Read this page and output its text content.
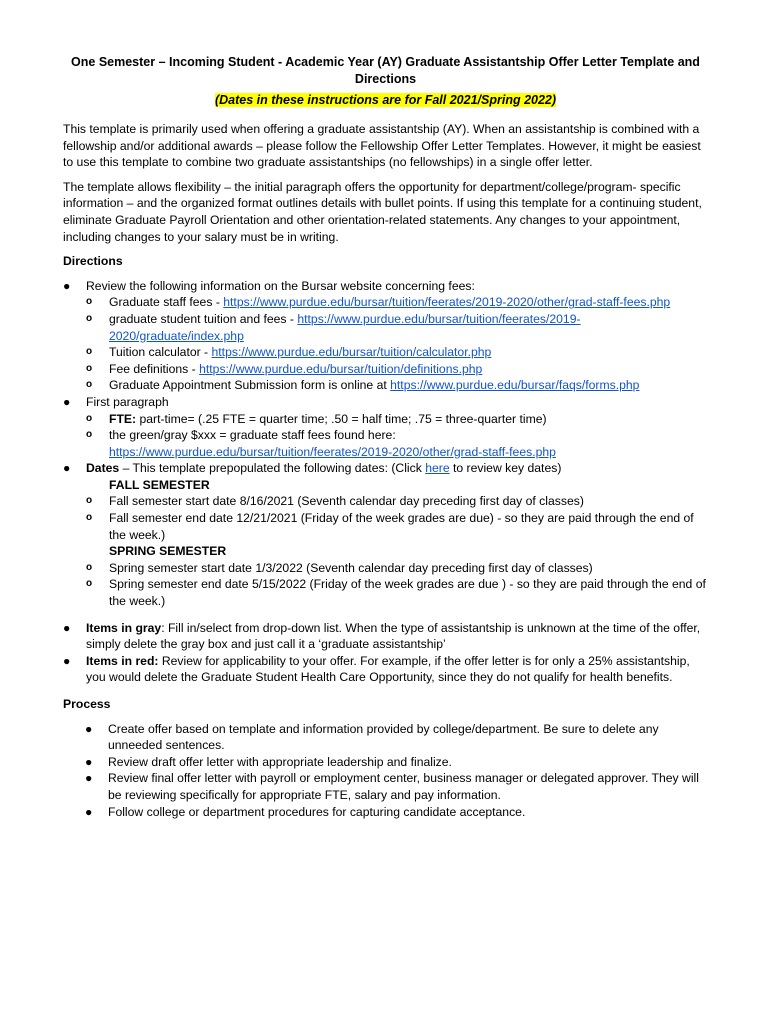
One Semester – Incoming Student - Academic Year (AY) Graduate Assistantship Offer Letter Template and Directions

(Dates in these instructions are for Fall 2021/Spring 2022)

This template is primarily used when offering a graduate assistantship (AY). When an assistantship is combined with a fellowship and/or additional awards – please follow the Fellowship Offer Letter Templates. However, it might be easiest to use this template to combine two graduate assistantships (no fellowships) in a single offer letter.

The template allows flexibility – the initial paragraph offers the opportunity for department/college/program- specific information – and the organized format outlines details with bullet points. If using this template for a continuing student, eliminate Graduate Payroll Orientation and other orientation-related statements. Any changes to your appointment, including changes to your salary must be in writing.

Directions

● Review the following information on the Bursar website concerning fees:
o Graduate staff fees - https://www.purdue.edu/bursar/tuition/feerates/2019-2020/other/grad-staff-fees.php
o graduate student tuition and fees - https://www.purdue.edu/bursar/tuition/feerates/2019-2020/graduate/index.php
o Tuition calculator - https://www.purdue.edu/bursar/tuition/calculator.php
o Fee definitions - https://www.purdue.edu/bursar/tuition/definitions.php
o Graduate Appointment Submission form is online at https://www.purdue.edu/bursar/faqs/forms.php
● First paragraph
o FTE: part-time= (.25 FTE = quarter time; .50 = half time; .75 = three-quarter time)
o the green/gray $xxx = graduate staff fees found here:
https://www.purdue.edu/bursar/tuition/feerates/2019-2020/other/grad-staff-fees.php
● Dates – This template prepopulated the following dates: (Click here to review key dates)
FALL SEMESTER
o Fall semester start date 8/16/2021 (Seventh calendar day preceding first day of classes)
o Fall semester end date 12/21/2021 (Friday of the week grades are due) - so they are paid through the end of the week.)
SPRING SEMESTER
o Spring semester start date 1/3/2022 (Seventh calendar day preceding first day of classes)
o Spring semester end date 5/15/2022 (Friday of the week grades are due ) - so they are paid through the end of the week.)
● Items in gray: Fill in/select from drop-down list. When the type of assistantship is unknown at the time of the offer, simply delete the gray box and just call it a ‘graduate assistantship’
● Items in red: Review for applicability to your offer. For example, if the offer letter is for only a 25% assistantship, you would delete the Graduate Student Health Care Opportunity, since they do not qualify for health benefits.

Process

● Create offer based on template and information provided by college/department. Be sure to delete any unneeded sentences.
● Review draft offer letter with appropriate leadership and finalize.
● Review final offer letter with payroll or employment center, business manager or delegated approver. They will be reviewing specifically for appropriate FTE, salary and pay information.
● Follow college or department procedures for capturing candidate acceptance.
